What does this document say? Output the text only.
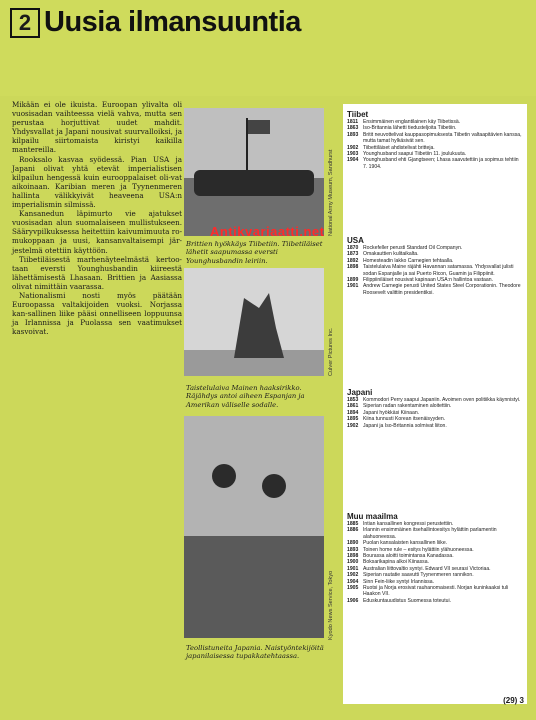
2 Uusia ilmansuuntia

Mikään ei ole ikuista. Euroopan ylivalta oli vuosisadan vaihteessa vielä vahva, mutta sen perustaa horjuttivat uudet mahdit. Yhdysvallat ja Japani nousivat suurvalloiksi, ja kilpailu siirtomaista kiristyi kaikilla mantereilla.

Rooksalo kasvaa syödessä. Pian USA ja Japani olivat yhtä etevät imperialistisen kilpailun hengessä kuin eurooppalaiset oli-vat aikoinaan. Karibian meren ja Tyynenmeren hallinta välikkyivät heaveena USA:n imperialismin silmissä.

Kansanedun läpimurto vie ajatukset vuosisadan alun suomalaiseen mullistukseen. Sääryvpilkuksessa heitettiin kaivumimuuta ro-mukoppaan ja uusi, kansanvaltaisempi jär-jestelmä otettiin käyttöön.

Tiibetiläisestä marhenäyteelmästä kertoo-taan eversti Younghusbandin kiireestä lähettämisestä Lhasaan. Brittien ja Aasiassa olivat nimittäin vaarassa.

Nationalismi nosti myös päätään Euroopassa valtakijoiden vuoksi. Norjassa kan-sallinen liike pääsi onnelliseen loppuunsa ja Irlannissa ja Puolassa sen vaatimukset kasvoivat.

Brittien hyökkäys Tiibetiin. Tiibetiläiset lähetit saapumassa eversti Younghusbandin leiriin.
National Army Museum, Sandhurst
Taistelulaiva Mainen haaksirikko. Räjähdys antoi aiheen Espanjan ja Amerikan väliselle sodalle.
Culver Pictures Inc.
Teollistuneita Japania. Naistyöntekijöitä japanilaisessa tupakkatehtaassa.
Kyodo News Service, Tokyo
Antikvariaatti.net
Tiibet
1811 Ensimmäinen englantilainen käy Tiibetissä.
1863 Iso-Britannia lähetti tiedusteljoita Tiibetiin.
1893 Britit neuvottelivat kauppasopimuksesta Tiibetin valtaapitävien kanssa, mutta tamat hylkäsivät sen.
1902 Tiibettiläiset ahdistelivat britteja.
1903 Younghusband saapui Tiibetiin 11. joulukuuta.
1904 Younghusband ehti Gjangtseen; Lhasa saavutettiin ja sopimus tehtiin 7. 1904.
USA
1870 Rockefeller perusti Standard Oil Companyn.
1873 Omakauttien kulitaikalta.
1892 Homesteadin lakko Carnegien tehtaalla.
1898 Taistelulaiva Maine räjähti Havannan satamassa. Yhdysvallat julisti sodan Espanjalle ja sai Puerto Ricon, Guamin ja Filippiinit.
1899 Filippiiniläiset nousivat kapinaan USA:n hallintoa vastaan.
1901 Andrew Carnegie perusti United States Steel Corporationin. Theodore Roosevelt valittiin presidentiksi.
Japani
1853 Kommodori Perry saapui Japaniin. Avoimen oven politiikka käynnistyi.
1861 Siperian radan rakentaminen aloitettiin.
1894 Japani hyökkäsi Kiinaan.
1895 Kiina tunnusti Korean itsenäisyyden.
1902 Japani ja Iso-Britannia solmivat liiton.
Muu maailma
1885 Intian kansallinen kongressi perustettiin.
1886 Irlannin ensimmäinen itsehallintoesitys hylättiin parlamentin alahuoneessa.
1890 Puolan kansalaisten kansallinen liike.
1893 Toinen home rule – esitys hylättiin ylähuoneessa.
1898 Bourassa aloitti toimintansa Kanadassa.
1900 Boksarikapina alkoi Kiinassa.
1901 Australian liittovaltio syntyi. Edward VII seurasi Victoriaa.
1902 Siperian rautatie saavutti Tyynenmeren rannikon.
1904 Sinn Fein-liike syntyi Irlannissa.
1905 Ruotsi ja Norja erosivat rauhanomaisesti. Norjan kuninkaaksi tuli Haakon VII.
1906 Eduskuntauudistus Suomessa toteutui.
(29) 3
